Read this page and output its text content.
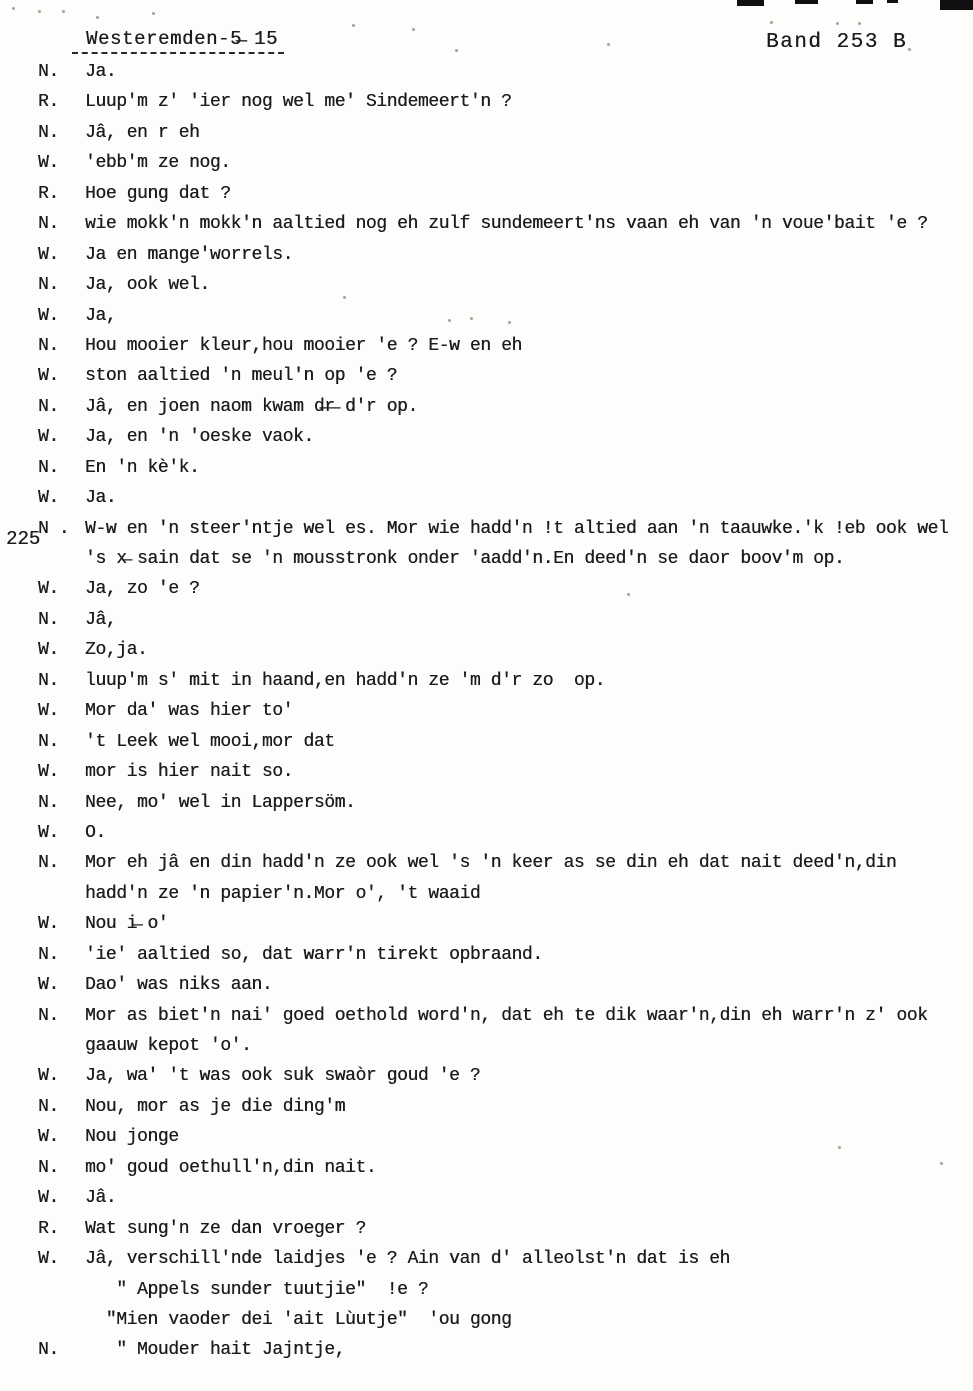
Westeremden-5̶ 15	Band 253 B
225
N.	Ja.
R.	Luup'm z' 'ier nog wel me' Sindemeert'n ?
N.	Jâ, en r eh
W.	'ebb'm ze nog.
R.	Hoe gung dat ?
N.	wie mokk'n mokk'n aaltied nog eh zulf sundemeert'ns vaan eh van 'n voue'bait 'e ?
W.	Ja en mange'worrels.
N.	Ja, ook wel.
W.	Ja,
N.	Hou mooier kleur,hou mooier 'e ? E-w en eh
W.	ston aaltied 'n meul'n op 'e ?
N.	Jâ, en joen naom kwam d̶r̶ d'r op.
W.	Ja, en 'n 'oeske vaok.
N.	En 'n kè'k.
W.	Ja.
N . W-w en 'n steer'ntje wel es. Mor wie hadd'n !t altied aan 'n taauwke.'k !eb ook wel
's x̶ sain dat se 'n mousstronk onder 'aadd'n.En deed'n se daor boov'm op.
W.	Ja, zo 'e ?
N.	Jâ,
W.	Zo,ja.
N.	luup'm s' mit in haand,en hadd'n ze 'm d'r zo  op.
W.	Mor da' was hier to'
N.	't Leek wel mooi,mor dat
W.	mor is hier nait so.
N.	Nee, mo' wel in Lappersöm.
W.	O.
N.	Mor eh jâ en din hadd'n ze ook wel 's 'n keer as se din eh dat nait deed'n,din
hadd'n ze 'n papier'n.Mor o', 't waaid
W.	Nou i̶ o'
N.	'ie' aaltied so, dat warr'n tirekt opbraand.
W.	Dao' was niks aan.
N.	Mor as biet'n nai' goed oethold word'n, dat eh te dik waar'n,din eh warr'n z' ook
gaauw kepot 'o'.
W.	Ja, wa' 't was ook suk swaòr goud 'e ?
N.	Nou, mor as je die ding'm
W.	Nou jonge
N.	mo' goud oethull'n,din nait.
W.	Jâ.
R.	Wat sung'n ze dan vroeger ?
W.	Jâ, verschill'nde laidjes 'e ? Ain van d' alleolst'n dat is eh
" Appels sunder tuutjie"  !e ?
"Mien vaoder dei 'ait Lùutje"  'ou gong
N.	" Mouder hait Jajntje,
